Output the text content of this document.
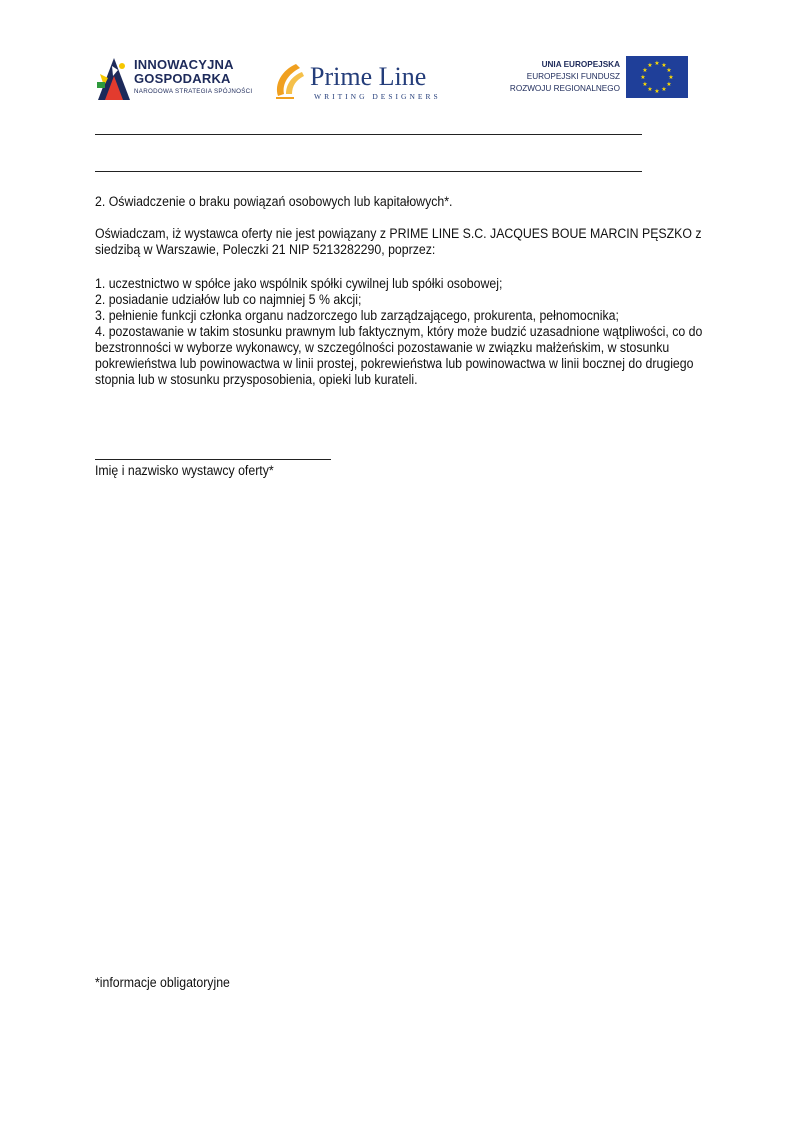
INNOWACYJNA
GOSPODARKA
NARODOWA STRATEGIA SPÓJNOŚCI
Prime Line
WRITING DESIGNERS
UNIA EUROPEJSKA
EUROPEJSKI FUNDUSZ
ROZWOJU REGIONALNEGO
★ ★
★
★
★
★
★
★
★
★
★
★
2. Oświadczenie o braku powiązań osobowych lub kapitałowych*.
Oświadczam, iż wystawca oferty nie jest powiązany z PRIME LINE S.C. JACQUES BOUE MARCIN PĘSZKO z
siedzibą w Warszawie, Poleczki 21 NIP 5213282290, poprzez:
1. uczestnictwo w spółce jako wspólnik spółki cywilnej lub spółki osobowej;
2. posiadanie udziałów lub co najmniej 5 % akcji;
3. pełnienie funkcji członka organu nadzorczego lub zarządzającego, prokurenta, pełnomocnika;
4. pozostawanie w takim stosunku prawnym lub faktycznym, który może budzić uzasadnione wątpliwości, co do
bezstronności w wyborze wykonawcy, w szczególności pozostawanie w związku małżeńskim, w stosunku
pokrewieństwa lub powinowactwa w linii prostej, pokrewieństwa lub powinowactwa w linii bocznej do drugiego
stopnia lub w stosunku przysposobienia, opieki lub kurateli.
Imię i nazwisko wystawcy oferty*
*informacje obligatoryjne
